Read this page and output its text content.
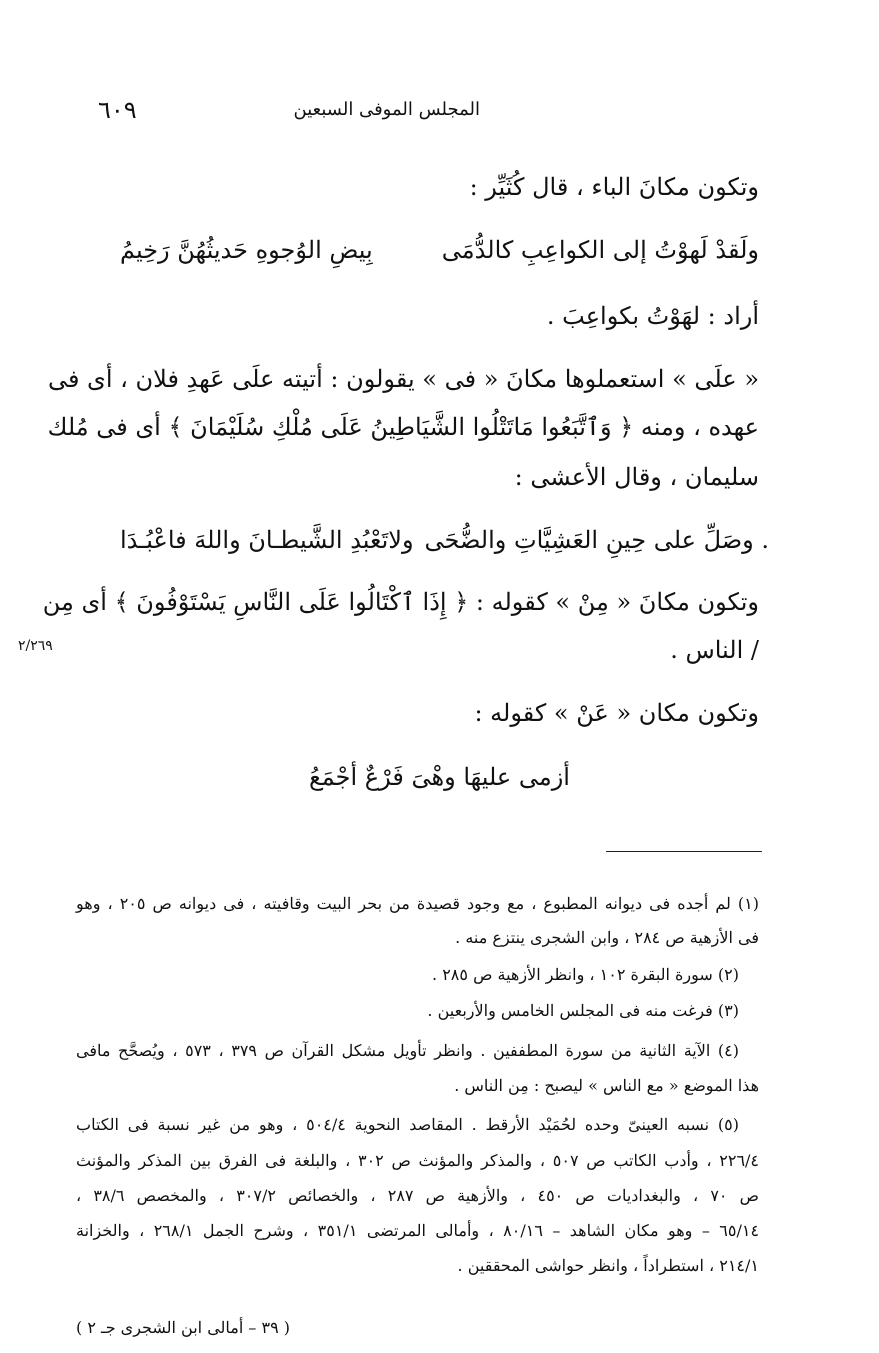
٦٠٩	المجلس الموفى السبعين
وتكون مكانَ الباء ، قال كُثَيِّر :
ولَقدْ لَهوْتُ إلى الكواعِبِ كالدُّمَى
بِيضِ الوُجوهِ حَديثُهُنَّ رَخِيمُ
أراد : لهَوْتُ بكواعِبَ .
« علَى » استعملوها مكانَ « فى » يقولون : أتيته علَى عَهدِ فلان ، أى فى
عهده ، ومنه ﴿ وَٱتَّبَعُوا مَاتَتْلُوا الشَّيَاطِينُ عَلَى مُلْكِ سُلَيْمَانَ ﴾ أى فى مُلك
سليمان ، وقال الأعشى :
. وصَلِّ على حِينِ العَشِيَّاتِ والضُّحَى
ولاتَعْبُدِ الشَّيطـانَ واللهَ فاعْبُـدَا
وتكون مكانَ « مِنْ » كقوله : ﴿ إِذَا ٱكْتَالُوا عَلَى النَّاسِ يَسْتَوْفُونَ ﴾ أى مِن
/ الناس .
٢/٢٦٩
وتكون مكان « عَنْ » كقوله :
أزمى عليهَا وهْىَ فَرْعٌ أجْمَعُ
(١) لم أجده فى ديوانه المطبوع ، مع وجود قصيدة من بحر البيت وقافيته ، فى ديوانه ص ٢٠٥ ، وهو
فى الأزهية ص ٢٨٤ ، وابن الشجرى ينتزع منه .
(٢) سورة البقرة ١٠٢ ، وانظر الأزهية ص ٢٨٥ .
(٣) فرغت منه فى المجلس الخامس والأربعين .
(٤) الآية الثانية من سورة المطففين . وانظر تأويل مشكل القرآن ص ٣٧٩ ، ٥٧٣ ، ويُصحَّح مافى
هذا الموضع « مع الناس » ليصبح : مِن الناس .
(٥) نسبه العينىّ وحده لحُمَيْد الأرقط . المقاصد النحوية ٥٠٤/٤ ، وهو من غير نسبة فى الكتاب
٢٢٦/٤ ، وأدب الكاتب ص ٥٠٧ ، والمذكر والمؤنث ص ٣٠٢ ، والبلغة فى الفرق بين المذكر والمؤنث
ص ٧٠ ، والبغداديات ص ٤٥٠ ، والأزهية ص ٢٨٧ ، والخصائص ٣٠٧/٢ ، والمخصص ٣٨/٦ ،
٦٥/١٤ – وهو مكان الشاهد – ٨٠/١٦ ، وأمالى المرتضى ٣٥١/١ ، وشرح الجمل ٢٦٨/١ ، والخزانة
٢١٤/١ ، استطراداً ، وانظر حواشى المحققين .
( ٣٩ – أمالى ابن الشجرى جـ ٢ )
